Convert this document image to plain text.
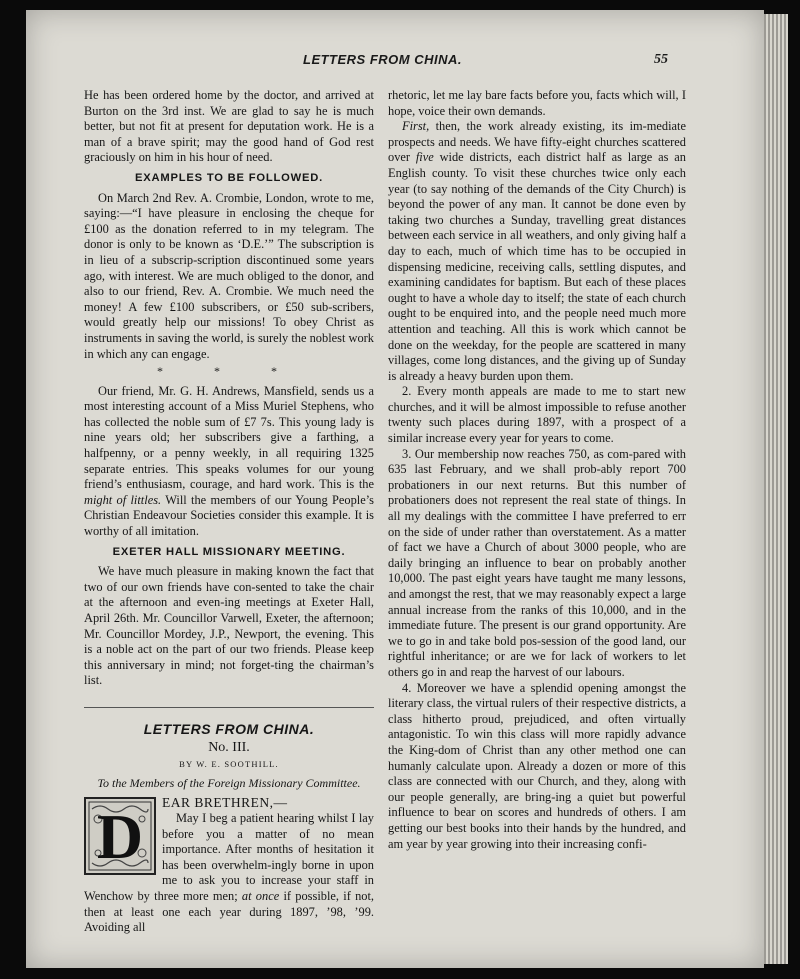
LETTERS FROM CHINA.	55

He has been ordered home by the doctor, and arrived at Burton on the 3rd inst. We are glad to say he is much better, but not fit at present for deputation work. He is a man of a brave spirit; may the good hand of God rest graciously on him in his hour of need.

EXAMPLES TO BE FOLLOWED.

On March 2nd Rev. A. Crombie, London, wrote to me, saying:—“I have pleasure in enclosing the cheque for £100 as the donation referred to in my telegram. The donor is only to be known as ‘D.E.’” The subscription is in lieu of a subscrip-scription discontinued some years ago, with interest. We are much obliged to the donor, and also to our friend, Rev. A. Crombie. We much need the money! A few £100 subscribers, or £50 sub-scribers, would greatly help our missions! To obey Christ as instruments in saving the world, is surely the noblest work in which any can engage.

* * *

Our friend, Mr. G. H. Andrews, Mansfield, sends us a most interesting account of a Miss Muriel Stephens, who has collected the noble sum of £7 7s. This young lady is nine years old; her subscribers give a farthing, a halfpenny, or a penny weekly, in all requiring 1325 separate entries. This speaks volumes for our young friend’s enthusiasm, courage, and hard work. This is the might of littles. Will the members of our Young People’s Christian Endeavour Societies consider this example. It is worthy of all imitation.

EXETER HALL MISSIONARY MEETING.

We have much pleasure in making known the fact that two of our own friends have con-sented to take the chair at the afternoon and even-ing meetings at Exeter Hall, April 26th. Mr. Councillor Varwell, Exeter, the afternoon; Mr. Councillor Mordey, J.P., Newport, the evening. This is a noble act on the part of our two friends. Please keep this anniversary in mind; not forget-ting the chairman’s list.

LETTERS FROM CHINA.
No. III.
BY W. E. SOOTHILL.
To the Members of the Foreign Missionary Committee.
D	EAR BRETHREN,—

May I beg a patient hearing whilst I lay before you a matter of no mean importance. After months of hesitation it has been overwhelm-ingly borne in upon me to ask you to increase your staff in Wenchow by three more men; at once if possible, if not, then at least one each year during 1897, ’98, ’99. Avoiding all

rhetoric, let me lay bare facts before you, facts which will, I hope, voice their own demands.

First, then, the work already existing, its im-mediate prospects and needs. We have fifty-eight churches scattered over five wide districts, each district half as large as an English county. To visit these churches twice only each year (to say nothing of the demands of the City Church) is beyond the power of any man. It cannot be done even by taking two churches a Sunday, travelling great distances between each service in all weathers, and only giving half a day to each, much of which time has to be occupied in dispensing medicine, receiving calls, settling disputes, and examining candidates for baptism. But each of these places ought to have a whole day to itself; the state of each church ought to be enquired into, and the people need much more attention and teaching. All this is work which cannot be done on the weekday, for the people are scattered in many villages, come long distances, and the giving up of Sunday is already a heavy burden upon them.

2. Every month appeals are made to me to start new churches, and it will be almost impossible to refuse another twenty such places during 1897, with a prospect of a similar increase every year for years to come.

3. Our membership now reaches 750, as com-pared with 635 last February, and we shall prob-ably report 700 probationers in our next returns. But this number of probationers does not represent the real state of things. In all my dealings with the committee I have preferred to err on the side of under rather than overstatement. As a matter of fact we have a Church of about 3000 people, who are daily bringing an influence to bear on probably another 10,000. The past eight years have taught me many lessons, and amongst the rest, that we may reasonably expect a large annual increase from the ranks of this 10,000, and in the immediate future. The present is our grand opportunity. Are we to go in and take bold pos-session of the good land, our rightful inheritance; or are we for lack of workers to let others go in and reap the harvest of our labours.

4. Moreover we have a splendid opening amongst the literary class, the virtual rulers of their respective districts, a class hitherto proud, prejudiced, and often virtually antagonistic. To win this class will more rapidly advance the King-dom of Christ than any other method one can humanly calculate upon. Already a dozen or more of this class are connected with our Church, and they, along with our people generally, are bring-ing a quiet but powerful influence to bear on scores and hundreds of others. I am getting our best books into their hands by the hundred, and am year by year growing into their increasing confi-
